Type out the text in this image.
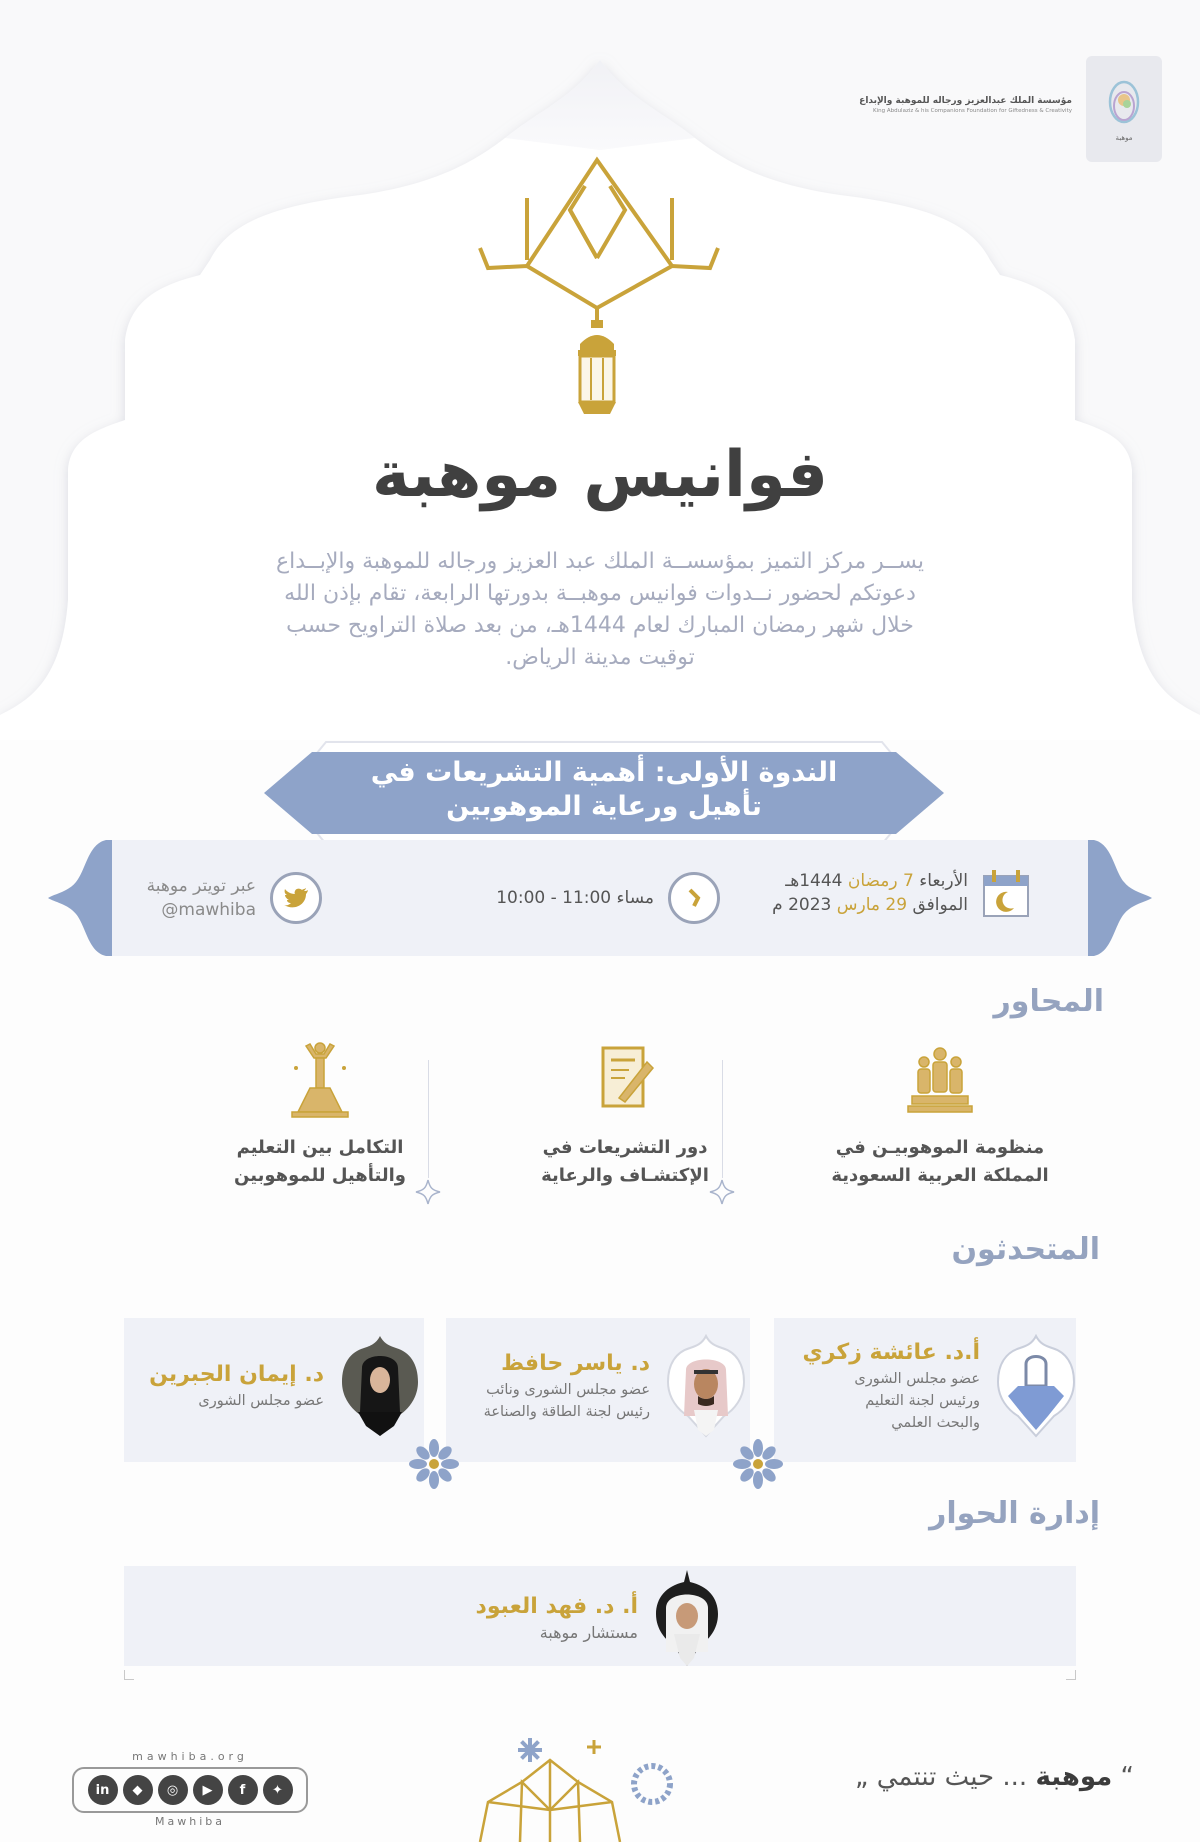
موهبة
مؤسسة الملك عبدالعزيز ورجاله للموهبة والإبداع
King Abdulaziz & his Companions Foundation for Giftedness & Creativity
فوانيس موهبة

يســر مركز التميز بمؤسســة الملك عبد العزيز ورجاله للموهبة والإبــداع دعوتكم لحضور نــدوات فوانيس موهبــة بدورتها الرابعة، تقام بإذن الله خلال شهر رمضان المبارك لعام 1444هـ، من بعد صلاة التراويح حسب توقيت مدينة الرياض.

الندوة الأولى: أهمية التشريعات في
تأهيل ورعاية الموهوبين
الأربعاء 7 رمضان 1444هـ
الموافق 29 مارس 2023 م
10:00 - 11:00 مساء
عبر تويتر موهبة
@mawhiba
المحاور
منظومة الموهوبيـن في
المملكة العربية السعودية
دور التشريعات في
الإكتشـاف والرعاية
التكامل بين التعليم
والتأهيل للموهوبين
المتحدثون
أ.د. عائشة زكري
عضو مجلس الشورى
ورئيس لجنة التعليم
والبحث العلمي
د. ياسر حافظ
عضو مجلس الشورى ونائب
رئيس لجنة الطاقة والصناعة
د. إيمان الجبرين
عضو مجلس الشورى
إدارة الحوار
أ. د. فهد العبود
مستشار موهبة
mawhiba.org
in	◆	◎	▶	f	✦
Mawhiba
“ موهبة ... حيث تنتمي „
